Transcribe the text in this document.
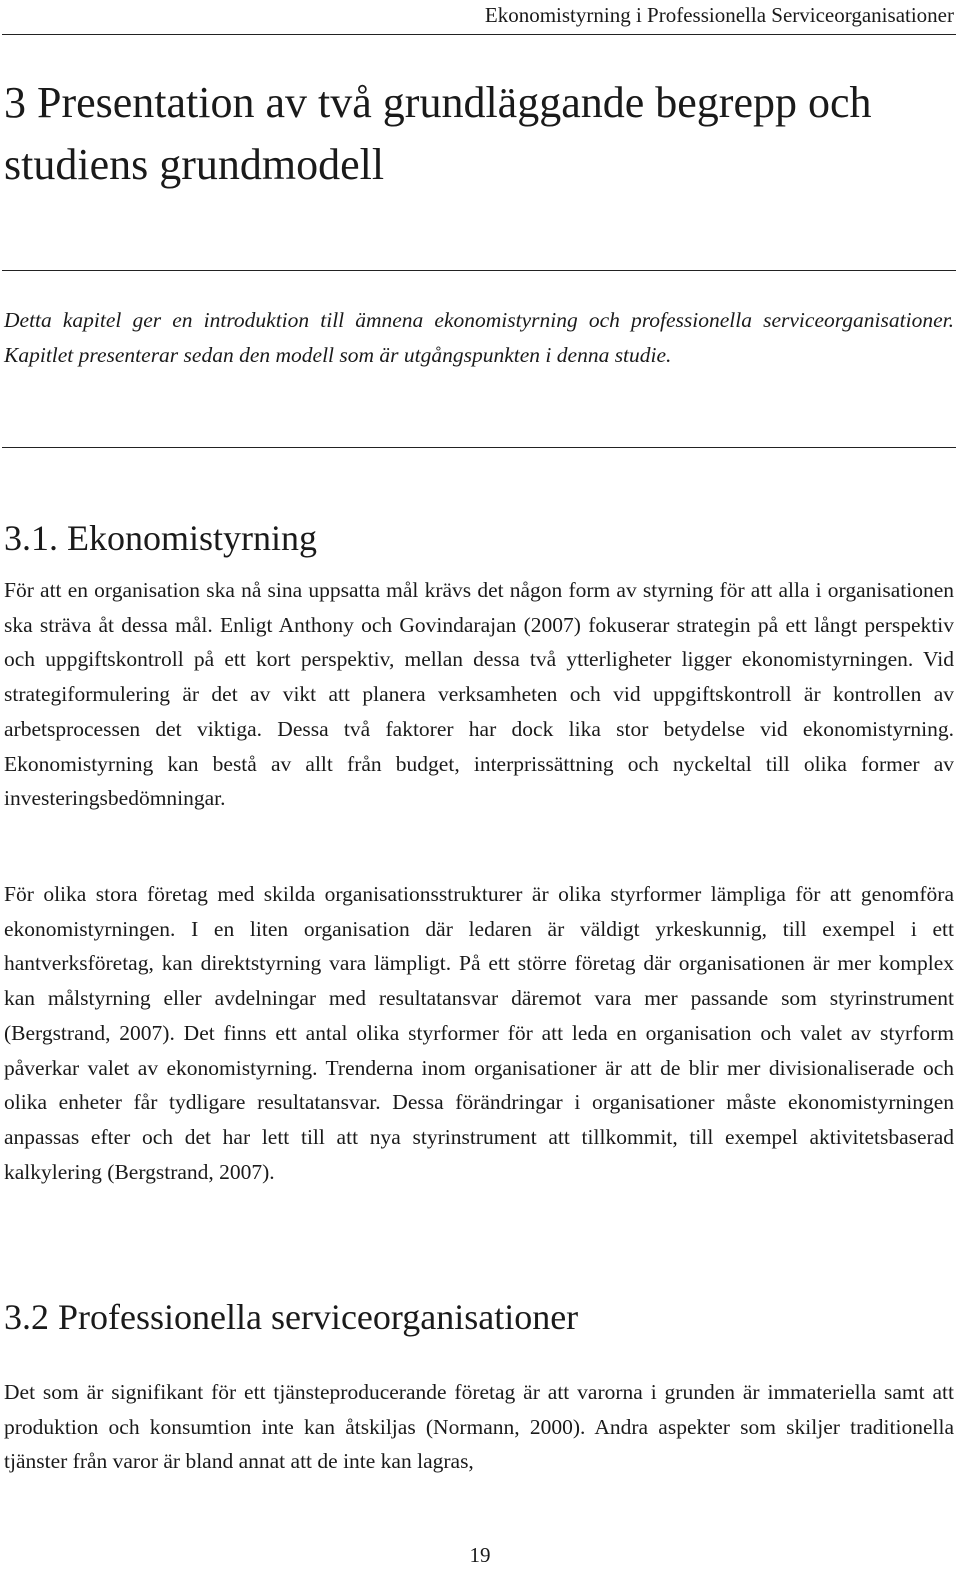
Ekonomistyrning i Professionella Serviceorganisationer
3 Presentation av två grundläggande begrepp och studiens grundmodell

Detta kapitel ger en introduktion till ämnena ekonomistyrning och professionella serviceorganisationer. Kapitlet presenterar sedan den modell som är utgångspunkten i denna studie.

3.1. Ekonomistyrning

För att en organisation ska nå sina uppsatta mål krävs det någon form av styrning för att alla i organisationen ska sträva åt dessa mål. Enligt Anthony och Govindarajan (2007) fokuserar strategin på ett långt perspektiv och uppgiftskontroll på ett kort perspektiv, mellan dessa två ytterligheter ligger ekonomistyrningen. Vid strategiformulering är det av vikt att planera verksamheten och vid uppgiftskontroll är kontrollen av arbetsprocessen det viktiga. Dessa två faktorer har dock lika stor betydelse vid ekonomistyrning. Ekonomistyrning kan bestå av allt från budget, interprissättning och nyckeltal till olika former av investeringsbedömningar.

För olika stora företag med skilda organisationsstrukturer är olika styrformer lämpliga för att genomföra ekonomistyrningen. I en liten organisation där ledaren är väldigt yrkeskunnig, till exempel i ett hantverksföretag, kan direktstyrning vara lämpligt. På ett större företag där organisationen är mer komplex kan målstyrning eller avdelningar med resultatansvar däremot vara mer passande som styrinstrument (Bergstrand, 2007). Det finns ett antal olika styrformer för att leda en organisation och valet av styrform påverkar valet av ekonomistyrning. Trenderna inom organisationer är att de blir mer divisionaliserade och olika enheter får tydligare resultatansvar. Dessa förändringar i organisationer måste ekonomistyrningen anpassas efter och det har lett till att nya styrinstrument att tillkommit, till exempel aktivitetsbaserad kalkylering (Bergstrand, 2007).

3.2 Professionella serviceorganisationer

Det som är signifikant för ett tjänsteproducerande företag är att varorna i grunden är immateriella samt att produktion och konsumtion inte kan åtskiljas (Normann, 2000). Andra aspekter som skiljer traditionella tjänster från varor är bland annat att de inte kan lagras,

19
